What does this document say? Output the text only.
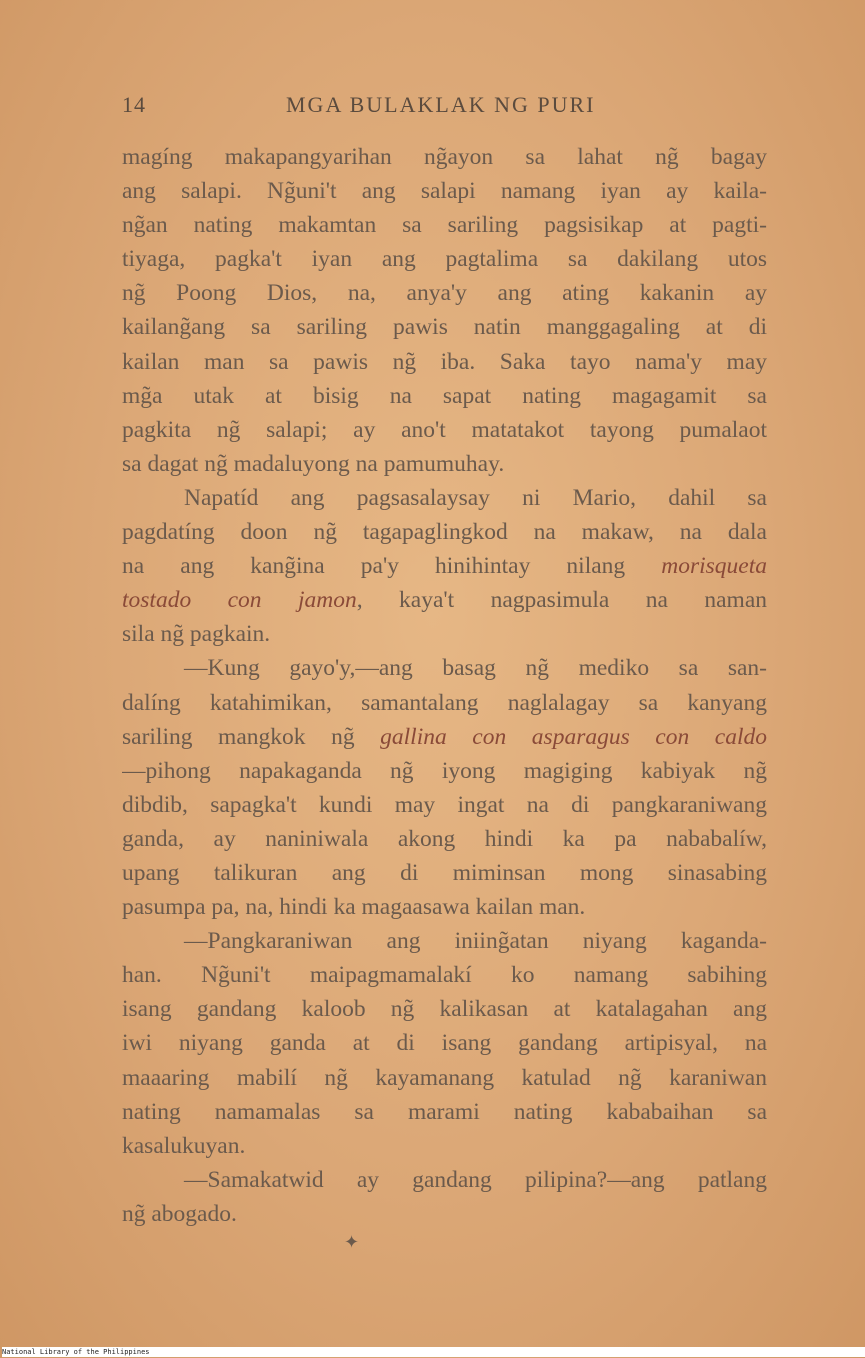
14	MGA BULAKLAK NG PURI
magíng makapangyarihan ng̃ayon sa lahat ng̃ bagay
ang salapi. Ng̃uni't ang salapi namang iyan ay kaila-
ng̃an nating makamtan sa sariling pagsisikap at pagti-
tiyaga, pagka't iyan ang pagtalima sa dakilang utos
ng̃ Poong Dios, na, anya'y ang ating kakanin ay
kailang̃ang sa sariling pawis natin manggagaling at di
kailan man sa pawis ng̃ iba. Saka tayo nama'y may
mg̃a utak at bisig na sapat nating magagamit sa
pagkita ng̃ salapi; ay ano't matatakot tayong pumalaot
sa dagat ng̃ madaluyong na pamumuhay.
Napatíd ang pagsasalaysay ni Mario, dahil sa
pagdatíng doon ng̃ tagapaglingkod na makaw, na dala
na ang kang̃ina pa'y hinihintay nilang morisqueta
tostado con jamon, kaya't nagpasimula na naman
sila ng̃ pagkain.
—Kung gayo'y,—ang basag ng̃ mediko sa san-
dalíng katahimikan, samantalang naglalagay sa kanyang
sariling mangkok ng̃ gallina con asparagus con caldo
—pihong napakaganda ng̃ iyong magiging kabiyak ng̃
dibdib, sapagka't kundi may ingat na di pangkaraniwang
ganda, ay naniniwala akong hindi ka pa nababalíw,
upang talikuran ang di miminsan mong sinasabing
pasumpa pa, na, hindi ka magaasawa kailan man.
—Pangkaraniwan ang iniing̃atan niyang kaganda-
han. Ng̃uni't maipagmamalakí ko namang sabihing
isang gandang kaloob ng̃ kalikasan at katalagahan ang
iwi niyang ganda at di isang gandang artipisyal, na
maaaring mabilí ng̃ kayamanang katulad ng̃ karaniwan
nating namamalas sa marami nating kababaihan sa
kasalukuyan.
—Samakatwid ay gandang pilipina?—ang patlang
ng̃ abogado.
✦
National Library of the Philippines
